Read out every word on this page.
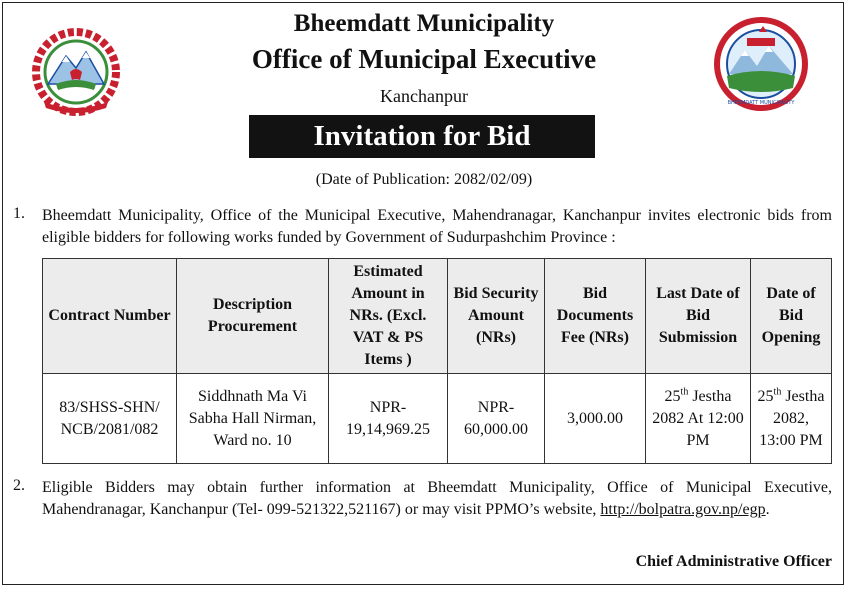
BHEEMDATT MUNICIPALITY
Bheemdatt Municipality
Office of Municipal Executive
Kanchanpur
Invitation for Bid
(Date of Publication: 2082/02/09)
1. Bheemdatt Municipality, Office of the Municipal Executive, Mahendranagar, Kanchanpur invites electronic bids from eligible bidders for following works funded by Government of Sudurpashchim Province :
Contract Number	Description Procurement	Estimated Amount in NRs. (Excl. VAT & PS Items )	Bid Security Amount (NRs)	Bid Documents Fee (NRs)	Last Date of Bid Submission	Date of Bid Opening
83/SHSS-SHN/ NCB/2081/082	Siddhnath Ma Vi Sabha Hall Nirman, Ward no. 10	NPR- 19,14,969.25	NPR- 60,000.00	3,000.00	25th Jestha 2082 At 12:00 PM	25th Jestha 2082, 13:00 PM
2. Eligible Bidders may obtain further information at Bheemdatt Municipality, Office of Municipal Executive, Mahendranagar, Kanchanpur (Tel- 099-521322,521167) or may visit PPMO’s website, http://bolpatra.gov.np/egp.
Chief Administrative Officer
